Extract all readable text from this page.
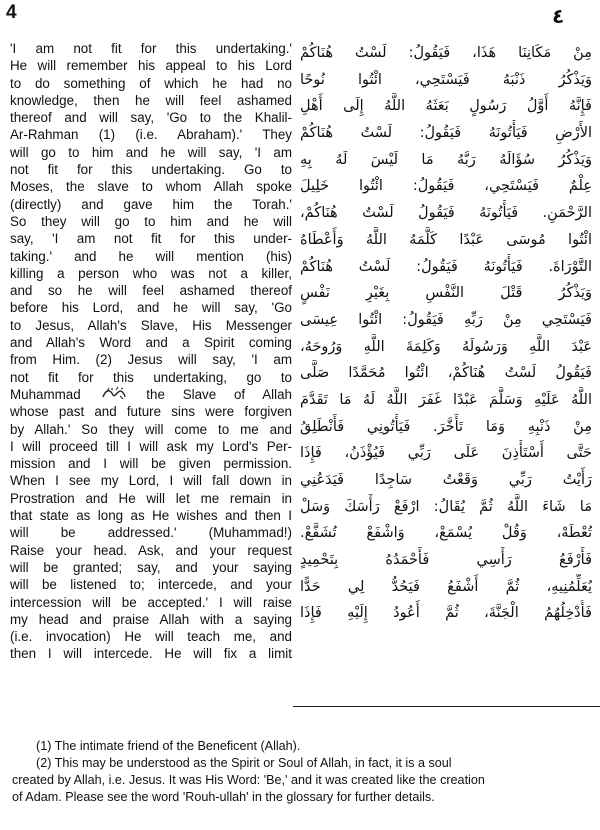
4	٤
'I am not fit for this undertaking.'
He will remember his appeal to his Lord
to do something of which he had no
knowledge, then he will feel ashamed
thereof and will say, 'Go to the Khalil-
Ar-Rahman (1) (i.e. Abraham).' They
will go to him and he will say, 'I am
not fit for this undertaking. Go to
Moses, the slave to whom Allah spoke
(directly) and gave him the Torah.'
So they will go to him and he will
say, 'I am not fit for this under-
taking.' and he will mention (his)
killing a person who was not a killer,
and so he will feel ashamed thereof
before his Lord, and he will say, 'Go
to Jesus, Allah's Slave, His Messenger
and Allah's Word and a Spirit coming
from Him. (2) Jesus will say, 'I am
not fit for this undertaking, go to
Muhammad	the Slave of Allah
whose past and future sins were forgiven
by Allah.' So they will come to me and
I will proceed till I will ask my Lord's Per-
mission and I will be given permission.
When I see my Lord, I will fall down in
Prostration and He will let me remain in
that state as long as He wishes and then I
will be addressed.' (Muhammad!)
Raise your head. Ask, and your request
will be granted; say, and your saying
will be listened to; intercede, and your
intercession will be accepted.' I will raise
my head and praise Allah with a saying
(i.e. invocation) He will teach me, and
then I will intercede. He will fix a limit
مِنْ مَكَانِنَا هَذَا، فَيَقُولُ: لَسْتُ هُنَاكُمْ
وَيَذْكُرُ ذَنْبَهُ فَيَسْتَحِي، ائْتُوا نُوحًا
فَإِنَّهُ أَوَّلُ رَسُولٍ بَعَثَهُ اللَّهُ إِلَى أَهْلِ
الأَرْضِ فَيَأْتُونَهُ فَيَقُولُ: لَسْتُ هُنَاكُمْ
وَيَذْكُرُ سُؤَالَهُ رَبَّهُ مَا لَيْسَ لَهُ بِهِ
عِلْمٌ فَيَسْتَحِي، فَيَقُولُ: ائْتُوا خَلِيلَ
الرَّحْمَنِ. فَيَأْتُونَهُ فَيَقُولُ لَسْتُ هُنَاكُمْ،
ائْتُوا مُوسَى عَبْدًا كَلَّمَهُ اللَّهُ وَأَعْطَاهُ
التَّوْرَاةَ. فَيَأْتُونَهُ فَيَقُولُ: لَسْتُ هُنَاكُمْ
وَيَذْكُرُ قَتْلَ النَّفْسِ بِغَيْرِ نَفْسٍ
فَيَسْتَحِي مِنْ رَبِّهِ فَيَقُولُ: ائْتُوا عِيسَى
عَبْدَ اللَّهِ وَرَسُولَهُ وَكَلِمَةَ اللَّهِ وَرُوحَهُ،
فَيَقُولُ لَسْتُ هُنَاكُمْ، ائْتُوا مُحَمَّدًا صَلَّى
اللَّهُ عَلَيْهِ وَسَلَّمَ عَبْدًا غَفَرَ اللَّهُ لَهُ مَا تَقَدَّمَ
مِنْ ذَنْبِهِ وَمَا تَأَخَّرَ. فَيَأْتُونِي فَأَنْطَلِقُ
حَتَّى أَسْتَأْذِنَ عَلَى رَبِّي فَيُؤْذَنُ، فَإِذَا
رَأَيْتُ رَبِّي وَقَعْتُ سَاجِدًا فَيَدَعُنِي
مَا شَاءَ اللَّهُ ثُمَّ يُقَالُ: ارْفَعْ رَأْسَكَ وَسَلْ
تُعْطَهْ، وَقُلْ يُسْمَعْ، وَاشْفَعْ تُشَفَّعْ.
فَأَرْفَعُ رَأْسِي فَأَحْمَدُهُ بِتَحْمِيدٍ
يُعَلِّمُنِيهِ، ثُمَّ أَشْفَعُ فَيَحُدُّ لِي حَدًّا
فَأُدْخِلُهُمُ الْجَنَّةَ، ثُمَّ أَعُودُ إِلَيْهِ فَإِذَا
(1) The intimate friend of the Beneficent (Allah).
(2) This may be understood as the Spirit or Soul of Allah, in fact, it is a soul
created by Allah, i.e. Jesus. It was His Word: 'Be,' and it was created like the creation
of Adam. Please see the word 'Rouh-ullah' in the glossary for further details.
